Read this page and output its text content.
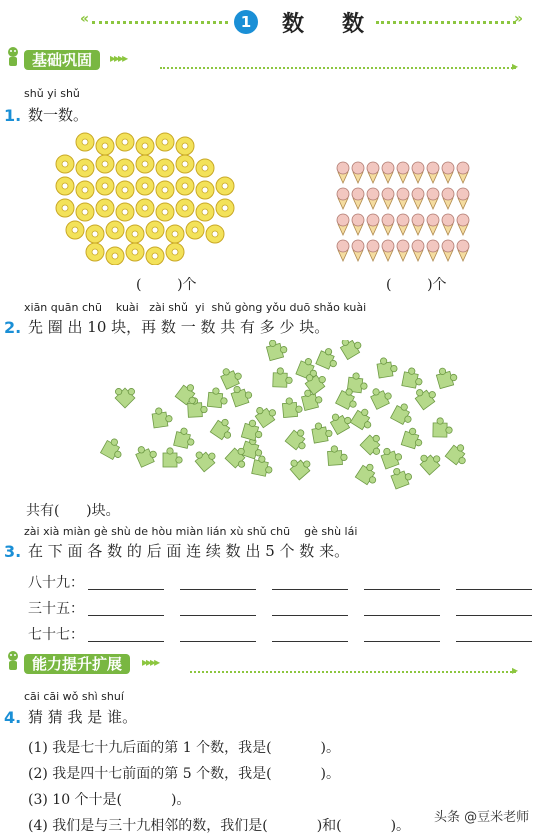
«	1	数数	»
基础巩固	▸▸▸▸
▸
shǔ yi shǔ
1. 数一数。
(        )个	(        )个
xiān quān chū    kuài   zài shǔ  yi  shǔ gòng yǒu duō shǎo kuài
2. 先 圈 出 10 块，再 数 一 数 共 有 多 少 块。
共有(      )块。
zài xià miàn gè shù de hòu miàn lián xù shǔ chū    gè shù lái
3. 在 下 面 各 数 的 后 面 连 续 数 出 5 个 数 来。
八十九：
三十五：
七十七：
能力提升扩展	▸▸▸▸
▸
cāi cāi wǒ shì shuí
4. 猜 猜 我 是 谁。
(1) 我是七十九后面的第 1 个数，我是(           )。
(2) 我是四十七前面的第 5 个数，我是(           )。
(3) 10 个十是(           )。
(4) 我们是与三十九相邻的数，我们是(           )和(           )。
头条 @豆米老师
